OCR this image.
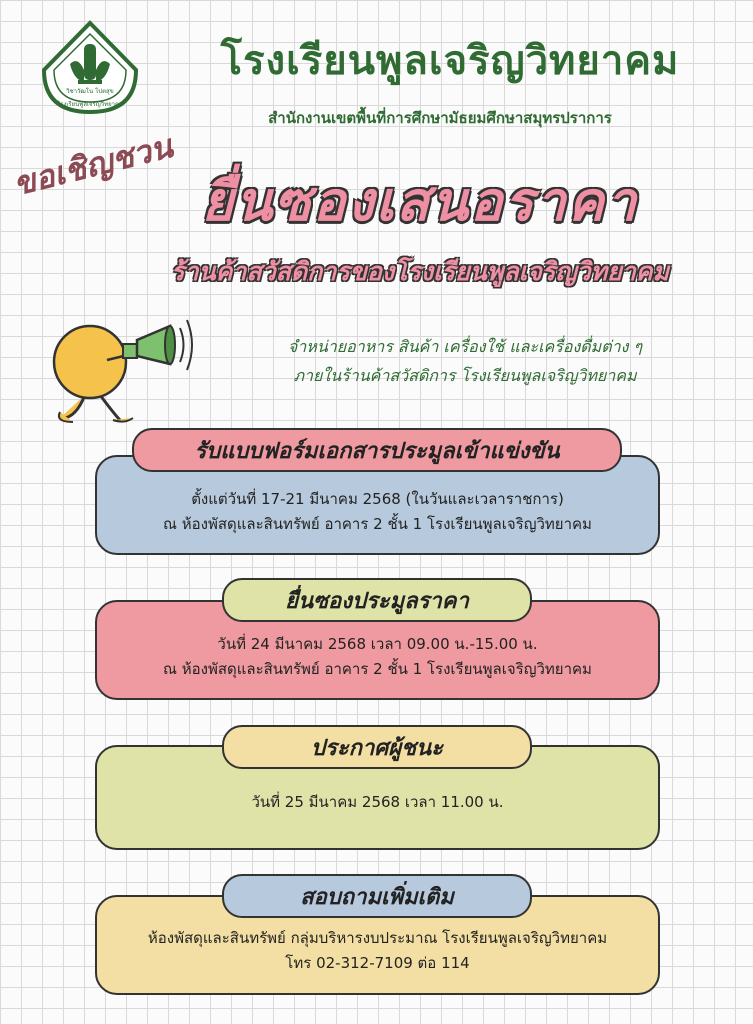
วิชาวัฒโน โปตสุข
โรงเรียนพูลเจริญวิทยาคม
โรงเรียนพูลเจริญวิทยาคม
สำนักงานเขตพื้นที่การศึกษามัธยมศึกษาสมุทรปราการ
ขอเชิญชวน ยื่นซองเสนอราคา
ร้านค้าสวัสดิการของโรงเรียนพูลเจริญวิทยาคม
จำหน่ายอาหาร สินค้า เครื่องใช้ และเครื่องดื่มต่าง ๆ
ภายในร้านค้าสวัสดิการ โรงเรียนพูลเจริญวิทยาคม
ตั้งแต่วันที่ 17-21 มีนาคม 2568 (ในวันและเวลาราชการ)
ณ ห้องพัสดุและสินทรัพย์ อาคาร 2 ชั้น 1 โรงเรียนพูลเจริญวิทยาคม
รับแบบฟอร์มเอกสารประมูลเข้าแข่งขัน
วันที่ 24 มีนาคม 2568 เวลา 09.00 น.-15.00 น.
ณ ห้องพัสดุและสินทรัพย์ อาคาร 2 ชั้น 1 โรงเรียนพูลเจริญวิทยาคม
ยื่นซองประมูลราคา
วันที่ 25 มีนาคม 2568 เวลา 11.00 น.
ประกาศผู้ชนะ
ห้องพัสดุและสินทรัพย์ กลุ่มบริหารงบประมาณ โรงเรียนพูลเจริญวิทยาคม
โทร 02-312-7109 ต่อ 114
สอบถามเพิ่มเติม
